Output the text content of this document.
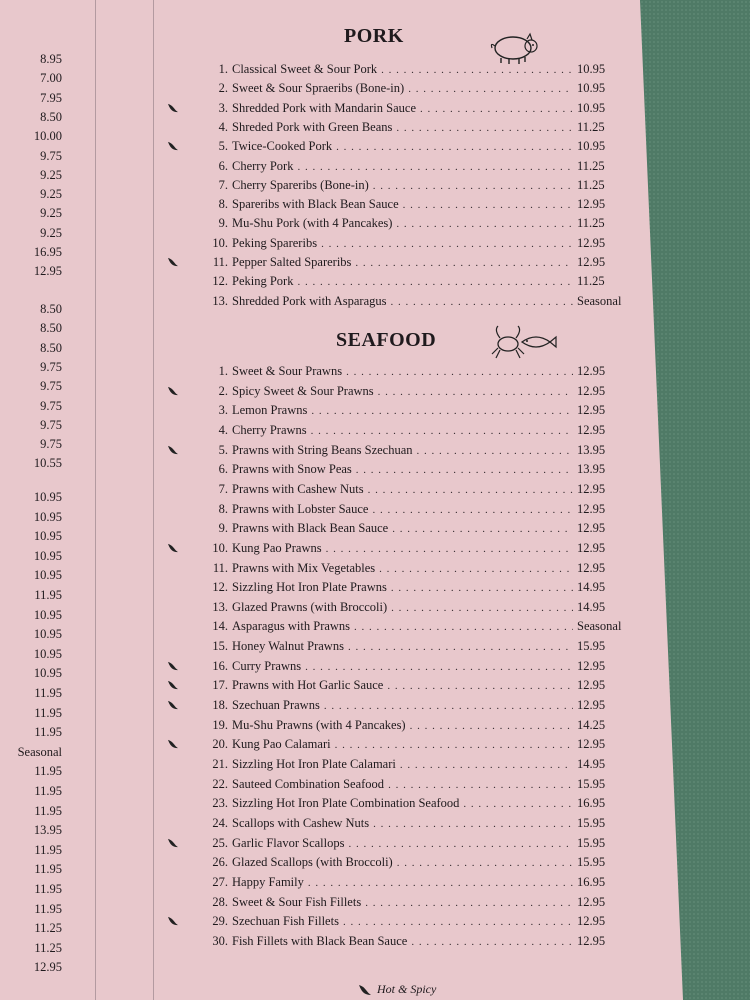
8.95
7.00
7.95
8.50
10.00
9.75
9.25
9.25
9.25
9.25
16.95
12.95
8.50
8.50
8.50
9.75
9.75
9.75
9.75
9.75
10.55
10.95
10.95
10.95
10.95
10.95
11.95
10.95
10.95
10.95
10.95
11.95
11.95
11.95
Seasonal
11.95
11.95
11.95
13.95
11.95
11.95
11.95
11.95
11.25
11.25
12.95
PORK
1. Classical Sweet & Sour Pork . . .	10.95
2. Sweet & Sour Spraeribs (Bone-in) . . .	10.95
3. Shredded Pork with Mandarin Sauce . . .	10.95
4. Shreded Pork with Green Beans . . .	11.25
5. Twice-Cooked Pork . . .	10.95
6. Cherry Pork . . .	11.25
7. Cherry Spareribs (Bone-in) . . .	11.25
8. Spareribs with Black Bean Sauce . . .	12.95
9. Mu-Shu Pork (with 4 Pancakes) . . .	11.25
10. Peking Spareribs . . .	12.95
11. Pepper Salted Spareribs . . .	12.95
12. Peking Pork . . .	11.25
13. Shredded Pork with Asparagus . . .	Seasonal
SEAFOOD
1. Sweet & Sour Prawns . . .	12.95
2. Spicy Sweet & Sour Prawns . . .	12.95
3. Lemon Prawns . . .	12.95
4. Cherry Prawns . . .	12.95
5. Prawns with String Beans Szechuan . . .	13.95
6. Prawns with Snow Peas . . .	13.95
7. Prawns with Cashew Nuts . . .	12.95
8. Prawns with Lobster Sauce . . .	12.95
9. Prawns with Black Bean Sauce . . .	12.95
10. Kung Pao Prawns . . .	12.95
11. Prawns with Mix Vegetables . . .	12.95
12. Sizzling Hot Iron Plate Prawns . . .	14.95
13. Glazed Prawns (with Broccoli) . . .	14.95
14. Asparagus with Prawns . . .	Seasonal
15. Honey Walnut Prawns . . .	15.95
16. Curry Prawns . . .	12.95
17. Prawns with Hot Garlic Sauce . . .	12.95
18. Szechuan Prawns . . .	12.95
19. Mu-Shu Prawns (with 4 Pancakes) . . .	14.25
20. Kung Pao Calamari . . .	12.95
21. Sizzling Hot Iron Plate Calamari . . .	14.95
22. Sauteed Combination Seafood . . .	15.95
23. Sizzling Hot Iron Plate Combination Seafood . . .	16.95
24. Scallops with Cashew Nuts . . .	15.95
25. Garlic Flavor Scallops . . .	15.95
26. Glazed Scallops (with Broccoli) . . .	15.95
27. Happy Family . . .	16.95
28. Sweet & Sour Fish Fillets . . .	12.95
29. Szechuan Fish Fillets . . .	12.95
30. Fish Fillets with Black Bean Sauce . . .	12.95
Hot & Spicy
